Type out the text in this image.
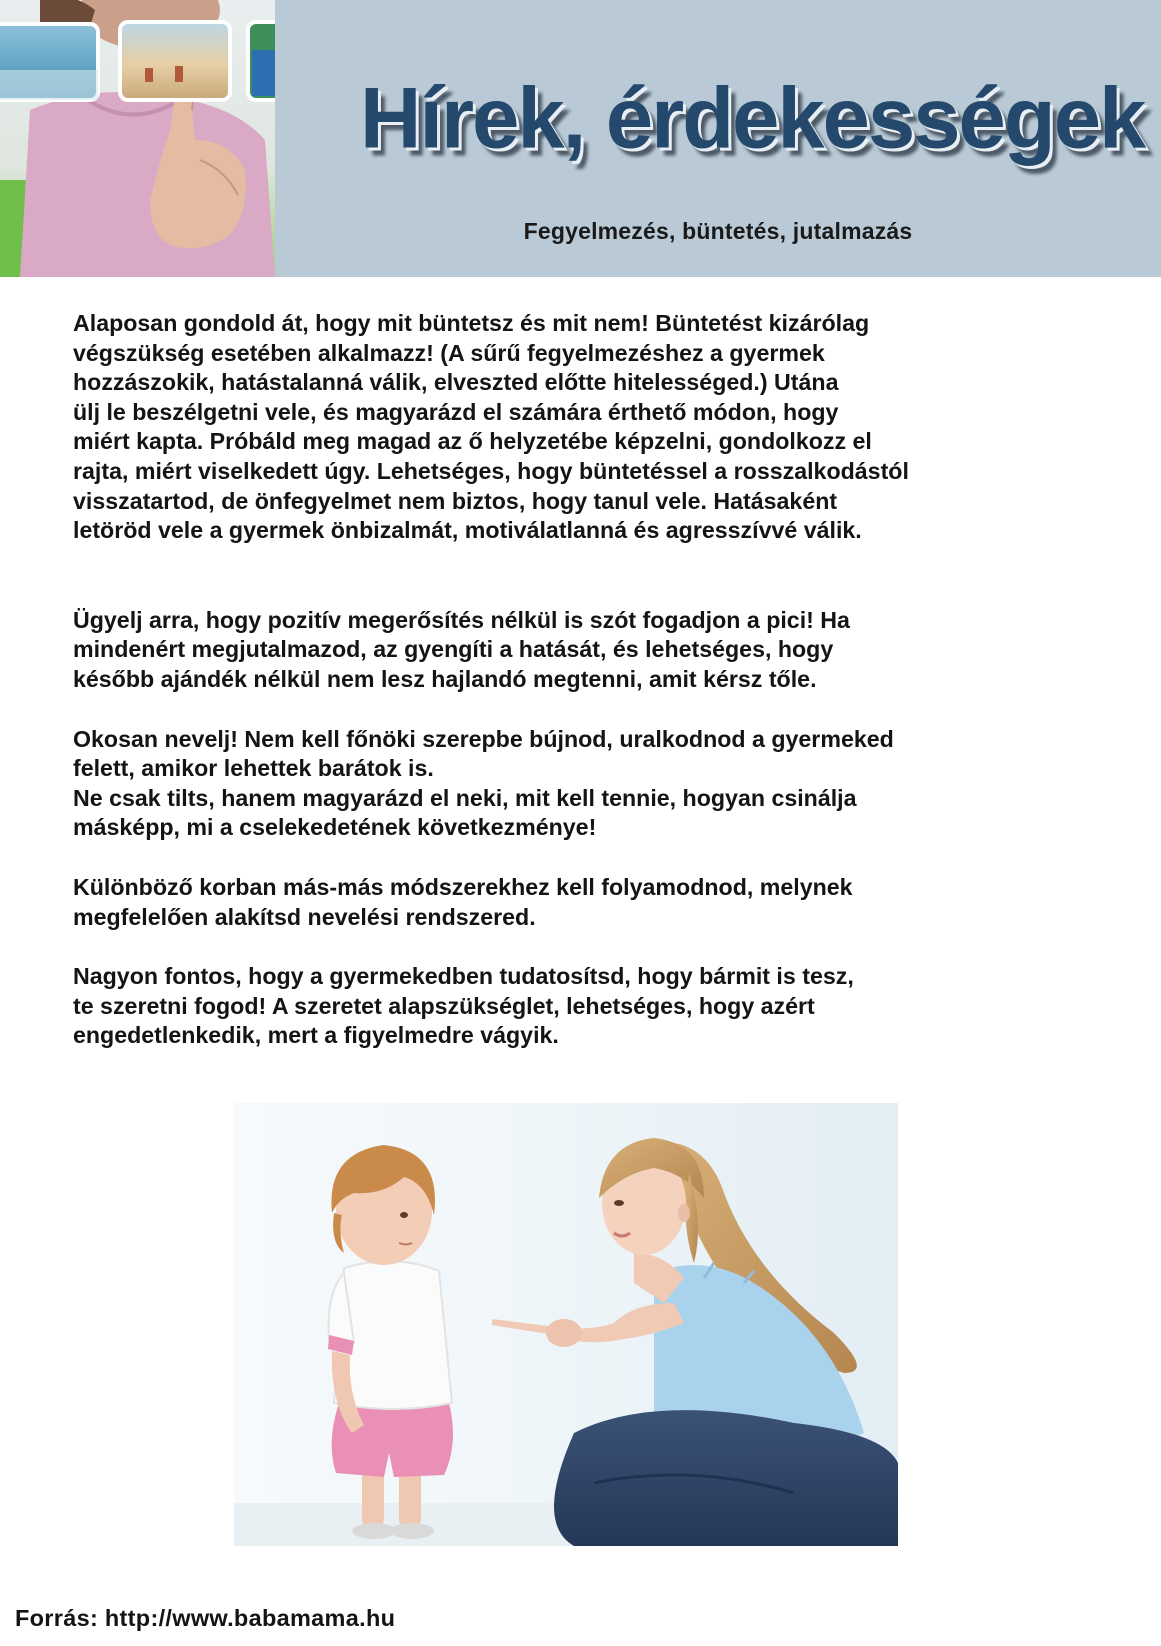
Hírek, érdekességek
Fegyelmezés, büntetés, jutalmazás

Alaposan gondold át, hogy mit büntetsz és mit nem! Büntetést kizárólag
végszükség esetében alkalmazz! (A sűrű fegyelmezéshez a gyermek
hozzászokik, hatástalanná válik, elveszted előtte hitelességed.) Utána
ülj le beszélgetni vele, és magyarázd el számára érthető módon, hogy
miért kapta. Próbáld meg magad az ő helyzetébe képzelni, gondolkozz el
rajta, miért viselkedett úgy. Lehetséges, hogy büntetéssel a rosszalkodástól
visszatartod, de önfegyelmet nem biztos, hogy tanul vele. Hatásaként
letöröd vele a gyermek önbizalmát, motiválatlanná és agresszívvé válik.

Ügyelj arra, hogy pozitív megerősítés nélkül is szót fogadjon a pici! Ha
mindenért megjutalmazod, az gyengíti a hatását, és lehetséges, hogy
később ajándék nélkül nem lesz hajlandó megtenni, amit kérsz tőle.

Okosan nevelj! Nem kell főnöki szerepbe bújnod, uralkodnod a gyermeked
felett, amikor lehettek barátok is.
Ne csak tilts, hanem magyarázd el neki, mit kell tennie, hogyan csinálja
másképp, mi a cselekedetének következménye!

Különböző korban más-más módszerekhez kell folyamodnod, melynek
megfelelően alakítsd nevelési rendszered.

Nagyon fontos, hogy a gyermekedben tudatosítsd, hogy bármit is tesz,
te szeretni fogod! A szeretet alapszükséglet, lehetséges, hogy azért
engedetlenkedik, mert a figyelmedre vágyik.

Forrás: http://www.babamama.hu
